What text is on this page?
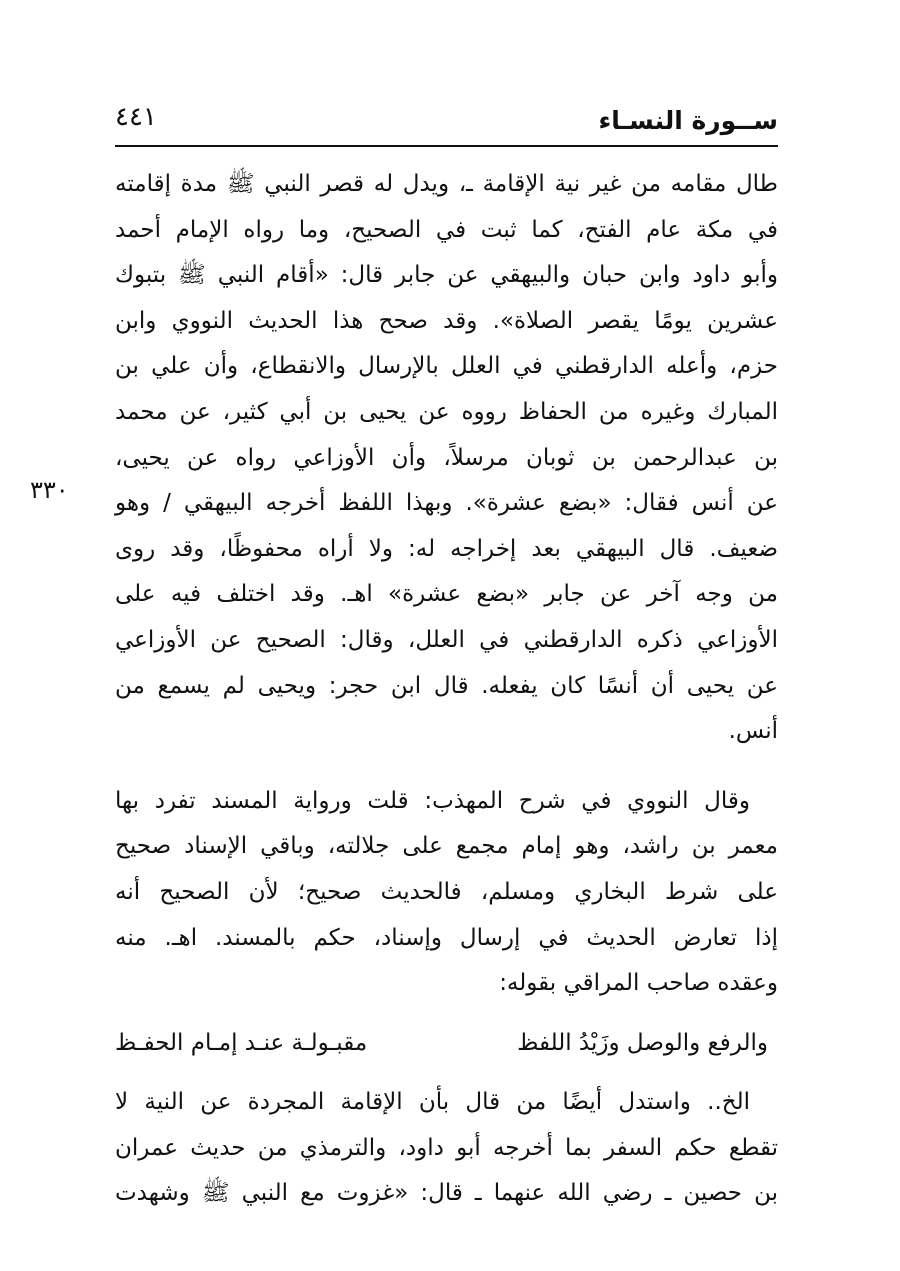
ســورة النسـاء
٤٤١
٣٣٠
طال مقامه من غير نية الإقامة ـ، ويدل له قصر النبي ﷺ مدة إقامته
في مكة عام الفتح، كما ثبت في الصحيح، وما رواه الإمام أحمد
وأبو داود وابن حبان والبيهقي عن جابر قال: «أقام النبي ﷺ بتبوك
عشرين يومًا يقصر الصلاة». وقد صحح هذا الحديث النووي وابن
حزم، وأعله الدارقطني في العلل بالإرسال والانقطاع، وأن علي بن
المبارك وغيره من الحفاظ رووه عن يحيى بن أبي كثير، عن محمد
بن عبدالرحمن بن ثوبان مرسلاً، وأن الأوزاعي رواه عن يحيى،
عن أنس فقال: «بضع عشرة». وبهذا اللفظ أخرجه البيهقي / وهو
ضعيف. قال البيهقي بعد إخراجه له: ولا أراه محفوظًا، وقد روى
من وجه آخر عن جابر «بضع عشرة» اهـ. وقد اختلف فيه على
الأوزاعي ذكره الدارقطني في العلل، وقال: الصحيح عن الأوزاعي
عن يحيى أن أنسًا كان يفعله. قال ابن حجر: ويحيى لم يسمع من
أنس.
وقال النووي في شرح المهذب: قلت ورواية المسند تفرد بها
معمر بن راشد، وهو إمام مجمع على جلالته، وباقي الإسناد صحيح
على شرط البخاري ومسلم، فالحديث صحيح؛ لأن الصحيح أنه
إذا تعارض الحديث في إرسال وإسناد، حكم بالمسند. اهـ. منه
وعقده صاحب المراقي بقوله:
والرفع والوصل وزَيْدُ اللفظ
مقبـولـة عنـد إمـام الحفـظ
الخ.. واستدل أيضًا من قال بأن الإقامة المجردة عن النية لا
تقطع حكم السفر بما أخرجه أبو داود، والترمذي من حديث عمران
بن حصين ـ رضي الله عنهما ـ قال: «غزوت مع النبي ﷺ وشهدت
